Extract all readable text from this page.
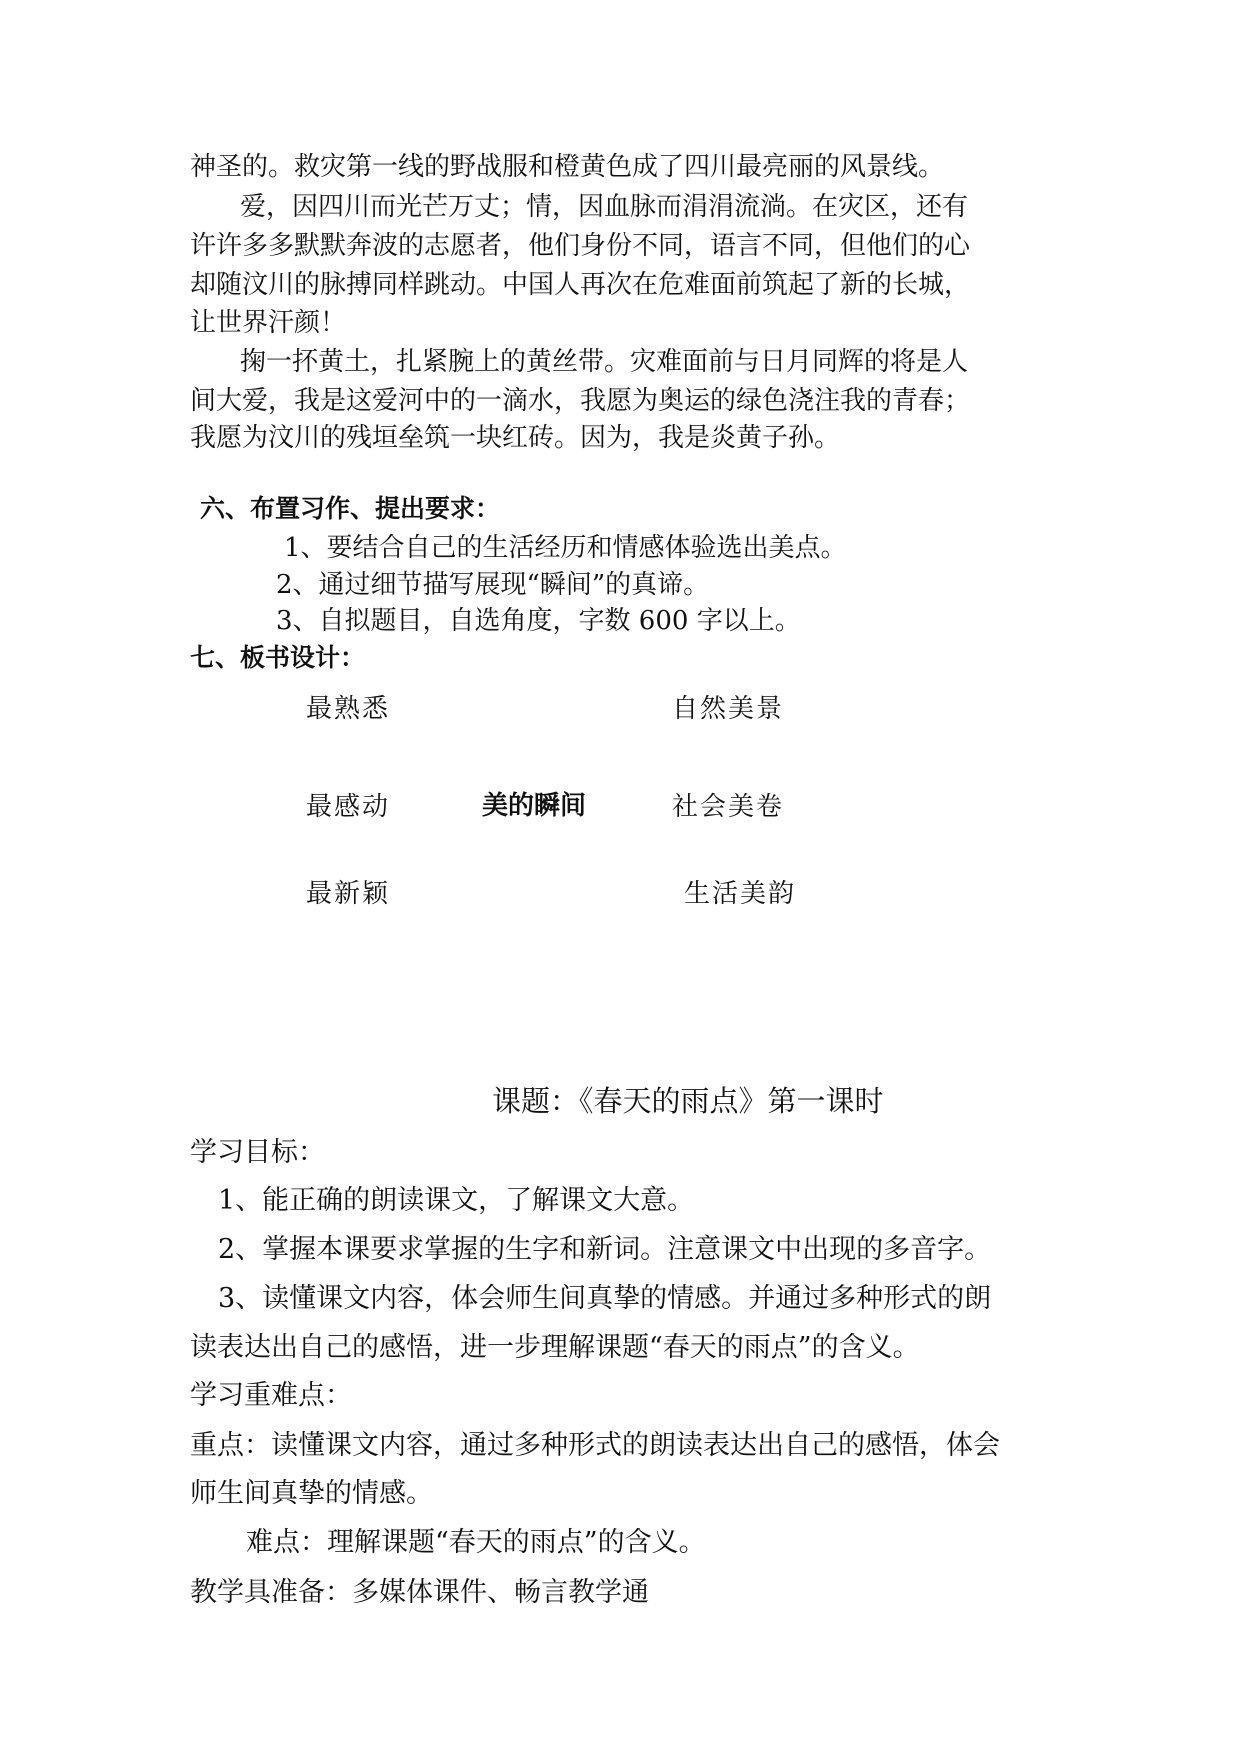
神圣的。救灾第一线的野战服和橙黄色成了四川最亮丽的风景线。
爱，因四川而光芒万丈；情，因血脉而涓涓流淌。在灾区，还有
许许多多默默奔波的志愿者，他们身份不同，语言不同，但他们的心
却随汶川的脉搏同样跳动。中国人再次在危难面前筑起了新的长城，
让世界汗颜！
掬一抔黄土，扎紧腕上的黄丝带。灾难面前与日月同辉的将是人
间大爱，我是这爱河中的一滴水，我愿为奥运的绿色浇注我的青春；
我愿为汶川的残垣垒筑一块红砖。因为，我是炎黄子孙。
六、布置习作、提出要求：
1、要结合自己的生活经历和情感体验选出美点。
2、通过细节描写展现“瞬间”的真谛。
3、自拟题目，自选角度，字数 600 字以上。
七、板书设计：
最熟悉
最感动
最新颖
美的瞬间
自然美景
社会美卷
生活美韵
课题：《春天的雨点》第一课时
学习目标：
1、能正确的朗读课文，了解课文大意。
2、掌握本课要求掌握的生字和新词。注意课文中出现的多音字。
3、读懂课文内容，体会师生间真挚的情感。并通过多种形式的朗
读表达出自己的感悟，进一步理解课题“春天的雨点”的含义。
学习重难点：
重点：读懂课文内容，通过多种形式的朗读表达出自己的感悟，体会
师生间真挚的情感。
难点：理解课题“春天的雨点”的含义。
教学具准备：多媒体课件、畅言教学通
